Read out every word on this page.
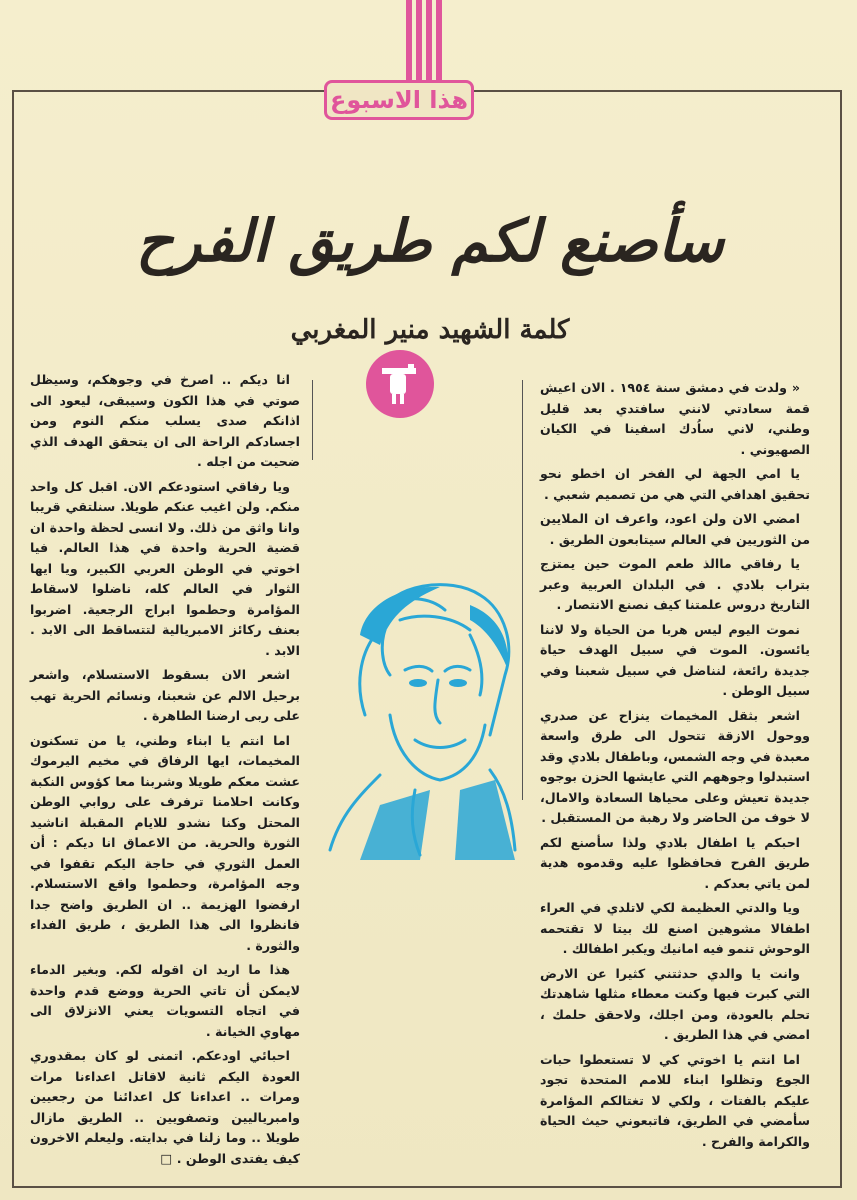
هذا الاسبوع
سأصنع لكم طريق الفرح
كلمة الشهيد منير المغربي

« ولدت في دمشق سنة ١٩٥٤ . الان اعيش قمة سعادتي لانني سافتدي بعد قليل وطني، لاني ساُدك اسفينا في الكيان الصهيوني .

يا امي الجهة لي الفخر ان اخطو نحو تحقيق اهدافي التي هي من تصميم شعبي .

امضي الان ولن اعود، واعرف ان الملايين من الثوريين في العالم سيتابعون الطريق .

يا رفاقي ماالذ طعم الموت حين يمتزج بتراب بلادي . في البلدان العربية وعبر التاريخ دروس علمتنا كيف نصنع الانتصار .

نموت اليوم ليس هربا من الحياة ولا لاننا يائسون. الموت في سبيل الهدف حياة جديدة رائعة، لنناضل في سبيل شعبنا وفي سبيل الوطن .

اشعر بثقل المخيمات ينزاح عن صدري ووحول الازقة تتحول الى طرق واسعة معبدة في وجه الشمس، وباطفال بلادي وقد استبدلوا وجوههم التي عايشها الحزن بوجوه جديدة تعيش وعلى محياها السعادة والامال، لا خوف من الحاضر ولا رهبة من المستقبل .

احبكم يا اطفال بلادي ولذا سأصنع لكم طريق الفرح فحافظوا عليه وقدموه هدية لمن ياتي بعدكم .

ويا والدتي العظيمة لكي لاتلدي في العراء اطفالا مشوهين اصنع لك بيتا لا تقتحمه الوحوش تنمو فيه امانيك ويكبر اطفالك .

وانت يا والدي حدثتني كثيرا عن الارض التي كبرت فيها وكنت معطاء مثلها شاهدتك تحلم بالعودة، ومن اجلك، ولاحقق حلمك ، امضي في هذا الطريق .

اما انتم يا اخوتي كي لا تستعطوا حبات الجوع وتظلوا ابناء للامم المتحدة تجود عليكم بالفتات ، ولكي لا تغتالكم المؤامرة سأمضي في الطريق، فاتبعوني حيث الحياة والكرامة والفرح .

انا ديكم .. اصرخ في وجوهكم، وسيظل صوتي في هذا الكون وسيبقى، ليعود الى اذانكم صدى يسلب منكم النوم ومن اجسادكم الراحة الى ان يتحقق الهدف الذي ضحيت من اجله .

ويا رفاقي استودعكم الان. اقبل كل واحد منكم. ولن اغيب عنكم طويلا. سنلتقي قريبا وانا واثق من ذلك. ولا انسى لحظة واحدة ان قضية الحرية واحدة في هذا العالم. فيا اخوتي في الوطن العربي الكبير، ويا ايها الثوار في العالم كله، ناضلوا لاسقاط المؤامرة وحطموا ابراج الرجعية. اضربوا بعنف ركائز الامبريالية لتتساقط الى الابد . الابد .

اشعر الان بسقوط الاستسلام، واشعر برحيل الالم عن شعبنا، ونسائم الحرية تهب على ربى ارضنا الطاهرة .

اما انتم يا ابناء وطني، يا من تسكنون المخيمات، ايها الرفاق في مخيم اليرموك عشت معكم طويلا وشربنا معا كؤوس النكبة وكانت احلامنا ترفرف على روابي الوطن المحتل وكنا نشدو للايام المقبلة اناشيد الثورة والحرية. من الاعماق انا ديكم : أن العمل الثوري في حاجة اليكم تقفوا في وجه المؤامرة، وحطموا واقع الاستسلام. ارفضوا الهزيمة .. ان الطريق واضح جدا فانظروا الى هذا الطريق ، طريق الفداء والثورة .

هذا ما اريد ان اقوله لكم. وبغير الدماء لايمكن أن تاتي الحرية ووضع قدم واحدة في اتجاه التسويات يعني الانزلاق الى مهاوي الخيانة .

احبائي اودعكم. اتمنى لو كان بمقدوري العودة اليكم ثانية لاقاتل اعداءنا مرات ومرات .. اعداءنا كل اعدائنا من رجعيين وامبرياليين وتصفويين .. الطريق مازال طويلا .. وما زلنا في بدايته. وليعلم الاخرون كيف يفتدى الوطن . □
